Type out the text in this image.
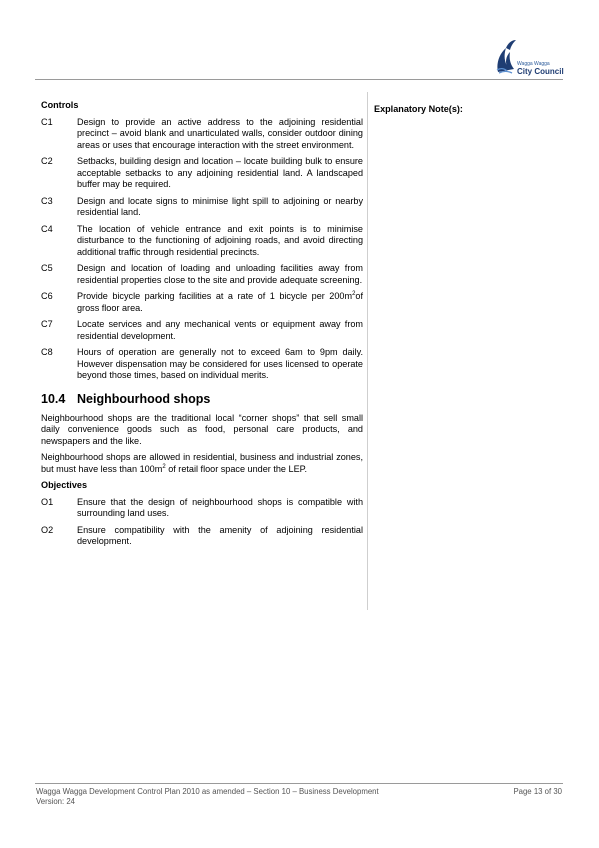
Wagga Wagga
City Council
Controls
C1	Design to provide an active address to the adjoining residential precinct – avoid blank and unarticulated walls, consider outdoor dining areas or uses that encourage interaction with the street environment.
C2	Setbacks, building design and location – locate building bulk to ensure acceptable setbacks to any adjoining residential land. A landscaped buffer may be required.
C3	Design and locate signs to minimise light spill to adjoining or nearby residential land.
C4	The location of vehicle entrance and exit points is to minimise disturbance to the functioning of adjoining roads, and avoid directing additional traffic through residential precincts.
C5	Design and location of loading and unloading facilities away from residential properties close to the site and provide adequate screening.
C6	Provide bicycle parking facilities at a rate of 1 bicycle per $200m^2of$ gross floor area.
C7	Locate services and any mechanical vents or equipment away from residential development.
C8	Hours of operation are generally not to exceed 6am to 9pm daily. However dispensation may be considered for uses licensed to operate beyond those times, based on individual merits.
10.4 Neighbourhood shops
Neighbourhood shops are the traditional local “corner shops” that sell small daily convenience goods such as food, personal care products, and newspapers and the like.
Neighbourhood shops are allowed in residential, business and industrial zones, but must have less than $100m^2$ of retail floor space under the LEP.
Objectives
O1	Ensure that the design of neighbourhood shops is compatible with surrounding land uses.
O2	Ensure compatibility with the amenity of adjoining residential development.
Explanatory Note(s):
Wagga Wagga Development Control Plan 2010 as amended – Section 10 – Business Development
Version: 24
Page 13 of 30
